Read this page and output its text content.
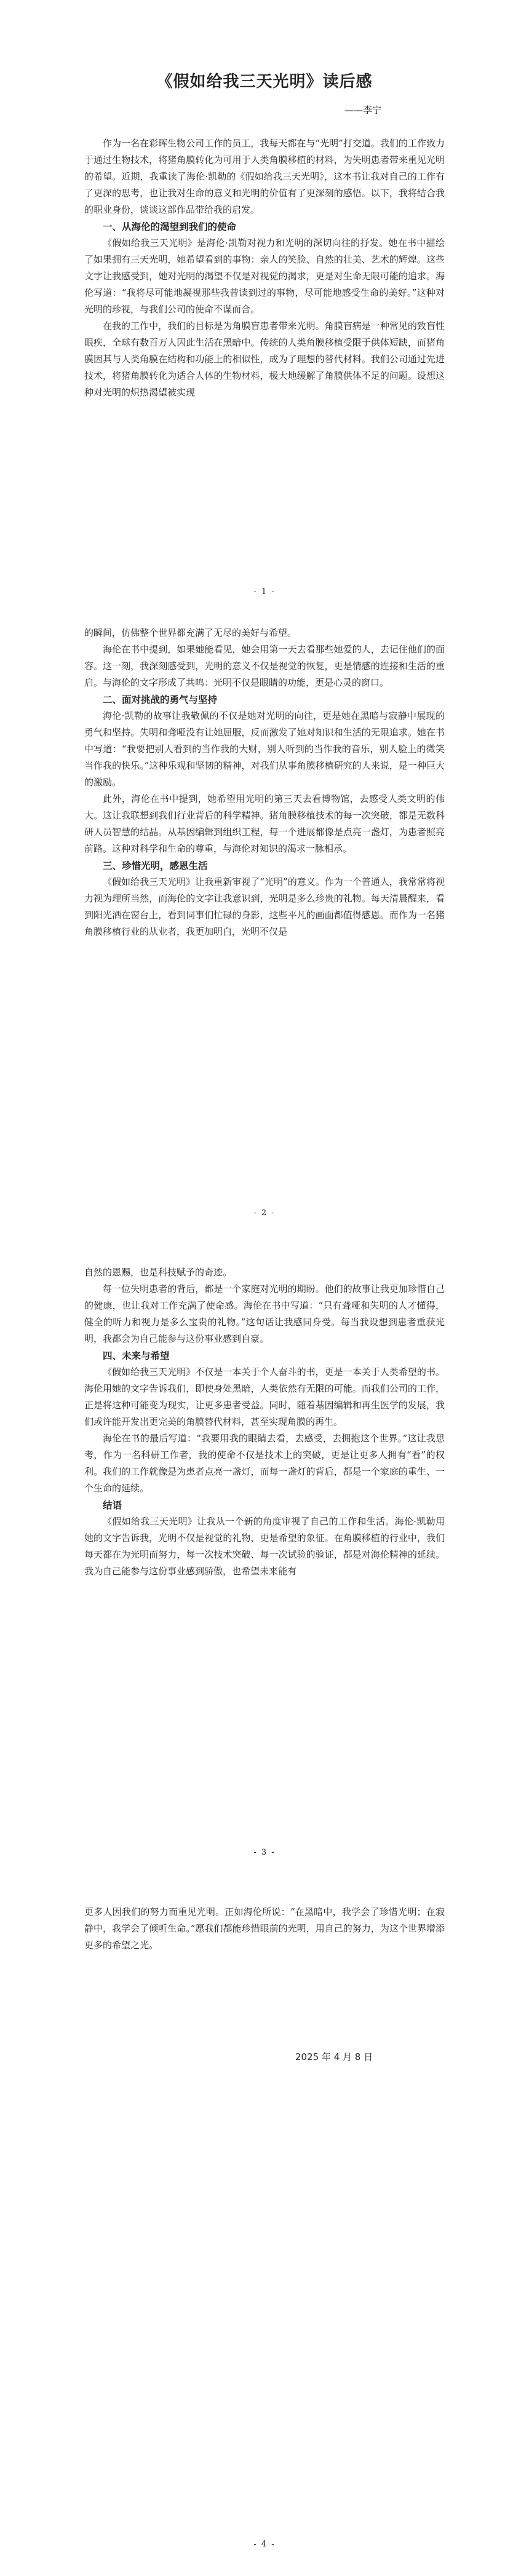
《假如给我三天光明》读后感
——李宁

作为一名在彩晖生物公司工作的员工，我每天都在与“光明”打交道。我们的工作致力于通过生物技术，将猪角膜转化为可用于人类角膜移植的材料，为失明患者带来重见光明的希望。近期，我重读了海伦·凯勒的《假如给我三天光明》，这本书让我对自己的工作有了更深的思考，也让我对生命的意义和光明的价值有了更深刻的感悟。以下，我将结合我的职业身份，谈谈这部作品带给我的启发。

一、从海伦的渴望到我们的使命

《假如给我三天光明》是海伦·凯勒对视力和光明的深切向往的抒发。她在书中描绘了如果拥有三天光明，她希望看到的事物：亲人的笑脸、自然的壮美、艺术的辉煌。这些文字让我感受到，她对光明的渴望不仅是对视觉的渴求，更是对生命无限可能的追求。海伦写道：“我将尽可能地凝视那些我曾读到过的事物，尽可能地感受生命的美好。”这种对光明的珍视，与我们公司的使命不谋而合。

在我的工作中，我们的目标是为角膜盲患者带来光明。角膜盲病是一种常见的致盲性眼疾，全球有数百万人因此生活在黑暗中。传统的人类角膜移植受限于供体短缺，而猪角膜因其与人类角膜在结构和功能上的相似性，成为了理想的替代材料。我们公司通过先进技术，将猪角膜转化为适合人体的生物材料，极大地缓解了角膜供体不足的问题。设想这种对光明的炽热渴望被实现

- 1 -

的瞬间，仿佛整个世界都充满了无尽的美好与希望。

海伦在书中提到，如果她能看见，她会用第一天去看那些她爱的人，去记住他们的面容。这一刻，我深刻感受到，光明的意义不仅是视觉的恢复，更是情感的连接和生活的重启。与海伦的文字形成了共鸣：光明不仅是眼睛的功能，更是心灵的窗口。

二、面对挑战的勇气与坚持

海伦·凯勒的故事让我敬佩的不仅是她对光明的向往，更是她在黑暗与寂静中展现的勇气和坚持。失明和聋哑没有让她屈服，反而激发了她对知识和生活的无限追求。她在书中写道：“我要把别人看到的当作我的大财，别人听到的当作我的音乐，别人脸上的微笑当作我的快乐。”这种乐观和坚韧的精神，对我们从事角膜移植研究的人来说，是一种巨大的激励。

此外，海伦在书中提到，她希望用光明的第三天去看博物馆，去感受人类文明的伟大。这让我联想到我们行业背后的科学精神。猪角膜移植技术的每一次突破，都是无数科研人员智慧的结晶。从基因编辑到组织工程，每一个进展都像是点亮一盏灯，为患者照亮前路。这种对科学和生命的尊重，与海伦对知识的渴求一脉相承。

三、珍惜光明，感恩生活

《假如给我三天光明》让我重新审视了“光明”的意义。作为一个普通人，我常常将视力视为理所当然，而海伦的文字让我意识到，光明是多么珍贵的礼物。每天清晨醒来，看到阳光洒在窗台上，看到同事们忙碌的身影，这些平凡的画面都值得感恩。而作为一名猪角膜移植行业的从业者，我更加明白，光明不仅是

- 2 -

自然的恩赐，也是科技赋予的奇迹。

每一位失明患者的背后，都是一个家庭对光明的期盼。他们的故事让我更加珍惜自己的健康，也让我对工作充满了使命感。海伦在书中写道：“只有聋哑和失明的人才懂得，健全的听力和视力是多么宝贵的礼物。”这句话让我感同身受。每当我设想到患者重获光明，我都会为自己能参与这份事业感到自豪。

四、未来与希望

《假如给我三天光明》不仅是一本关于个人奋斗的书，更是一本关于人类希望的书。海伦用她的文字告诉我们，即使身处黑暗，人类依然有无限的可能。而我们公司的工作，正是将这种可能变为现实，让更多患者受益。同时，随着基因编辑和再生医学的发展，我们或许能开发出更完美的角膜替代材料，甚至实现角膜的再生。

海伦在书的最后写道：“我要用我的眼睛去看，去感受，去拥抱这个世界。”这让我思考，作为一名科研工作者，我的使命不仅是技术上的突破，更是让更多人拥有“看”的权利。我们的工作就像是为患者点亮一盏灯，而每一盏灯的背后，都是一个家庭的重生、一个生命的延续。

结语

《假如给我三天光明》让我从一个新的角度审视了自己的工作和生活。海伦·凯勒用她的文字告诉我，光明不仅是视觉的礼物，更是希望的象征。在角膜移植的行业中，我们每天都在为光明而努力，每一次技术突破、每一次试验的验证，都是对海伦精神的延续。我为自己能参与这份事业感到骄傲，也希望未来能有

- 3 -

更多人因我们的努力而重见光明。正如海伦所说：“在黑暗中，我学会了珍惜光明；在寂静中，我学会了倾听生命。”愿我们都能珍惜眼前的光明，用自己的努力，为这个世界增添更多的希望之光。

2025 年 4 月 8 日
- 4 -
